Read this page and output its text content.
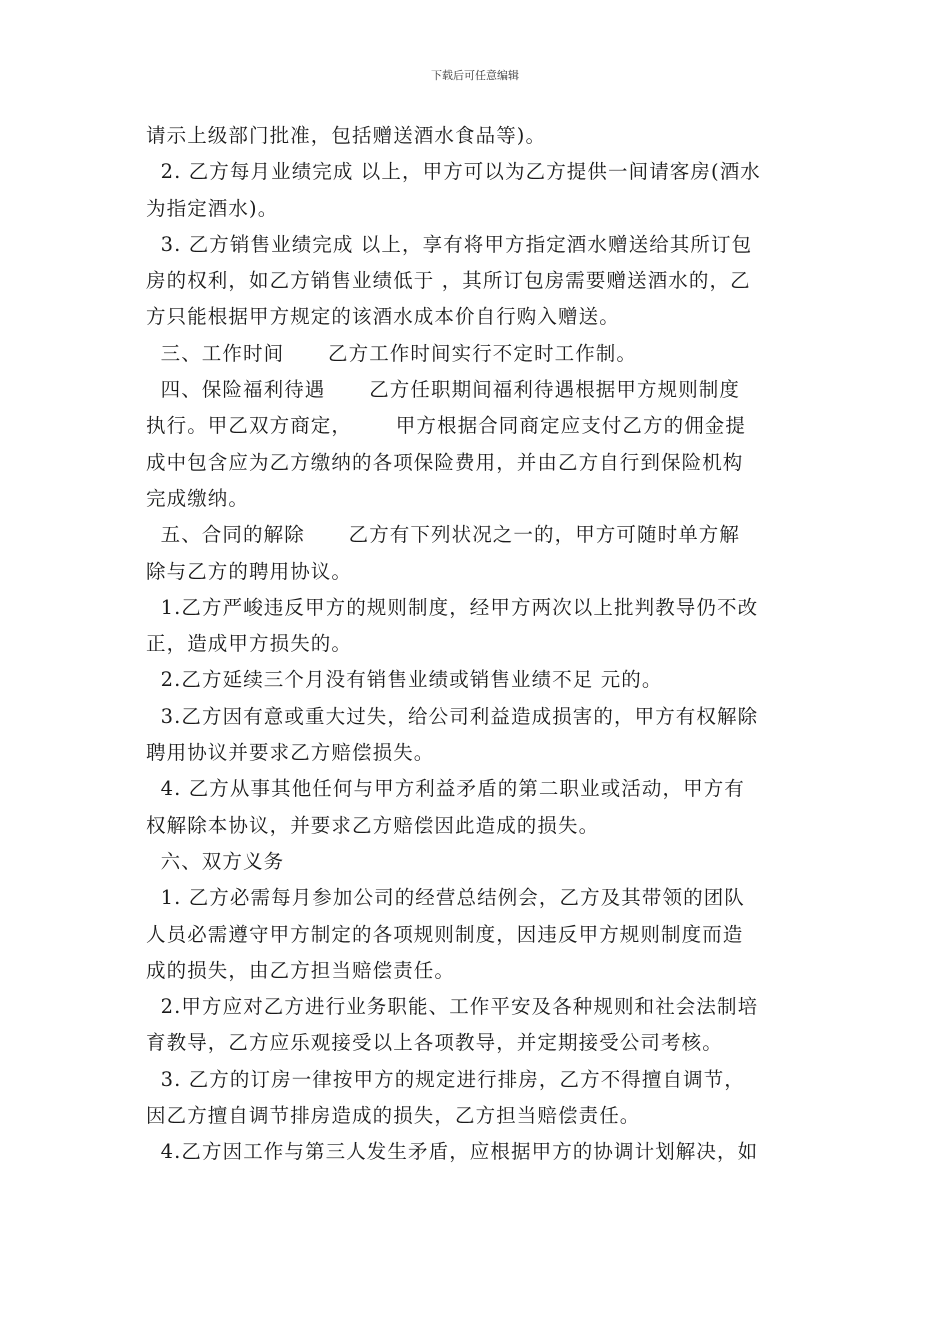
下载后可任意编辑
请示上级部门批准，包括赠送酒水食品等)。
2. 乙方每月业绩完成 以上，甲方可以为乙方提供一间请客房(酒水
为指定酒水)。
3. 乙方销售业绩完成 以上，享有将甲方指定酒水赠送给其所订包
房的权利，如乙方销售业绩低于 ，其所订包房需要赠送酒水的，乙
方只能根据甲方规定的该酒水成本价自行购入赠送。
三、工作时间      乙方工作时间实行不定时工作制。
四、保险福利待遇      乙方任职期间福利待遇根据甲方规则制度
执行。甲乙双方商定，      甲方根据合同商定应支付乙方的佣金提
成中包含应为乙方缴纳的各项保险费用，并由乙方自行到保险机构
完成缴纳。
五、合同的解除      乙方有下列状况之一的，甲方可随时单方解
除与乙方的聘用协议。
1.乙方严峻违反甲方的规则制度，经甲方两次以上批判教导仍不改
正，造成甲方损失的。
2.乙方延续三个月没有销售业绩或销售业绩不足 元的。
3.乙方因有意或重大过失，给公司利益造成损害的，甲方有权解除
聘用协议并要求乙方赔偿损失。
4. 乙方从事其他任何与甲方利益矛盾的第二职业或活动，甲方有
权解除本协议，并要求乙方赔偿因此造成的损失。
六、双方义务
1. 乙方必需每月参加公司的经营总结例会，乙方及其带领的团队
人员必需遵守甲方制定的各项规则制度，因违反甲方规则制度而造
成的损失，由乙方担当赔偿责任。
2.甲方应对乙方进行业务职能、工作平安及各种规则和社会法制培
育教导，乙方应乐观接受以上各项教导，并定期接受公司考核。
3. 乙方的订房一律按甲方的规定进行排房，乙方不得擅自调节，
因乙方擅自调节排房造成的损失，乙方担当赔偿责任。
4.乙方因工作与第三人发生矛盾，应根据甲方的协调计划解决，如
